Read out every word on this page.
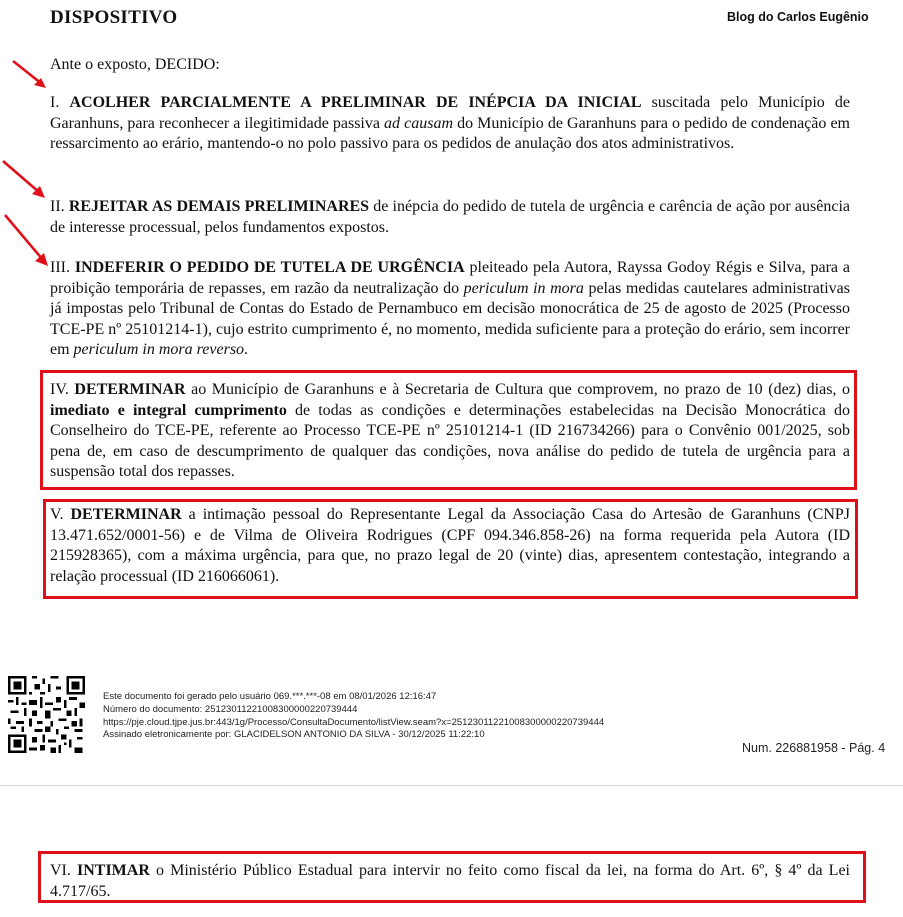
DISPOSITIVO	Blog do Carlos Eugênio
Ante o exposto, DECIDO:
I. ACOLHER PARCIALMENTE A PRELIMINAR DE INÉPCIA DA INICIAL suscitada pelo Município de Garanhuns, para reconhecer a ilegitimidade passiva ad causam do Município de Garanhuns para o pedido de condenação em ressarcimento ao erário, mantendo-o no polo passivo para os pedidos de anulação dos atos administrativos.
II. REJEITAR AS DEMAIS PRELIMINARES de inépcia do pedido de tutela de urgência e carência de ação por ausência de interesse processual, pelos fundamentos expostos.
III. INDEFERIR O PEDIDO DE TUTELA DE URGÊNCIA pleiteado pela Autora, Rayssa Godoy Régis e Silva, para a proibição temporária de repasses, em razão da neutralização do periculum in mora pelas medidas cautelares administrativas já impostas pelo Tribunal de Contas do Estado de Pernambuco em decisão monocrática de 25 de agosto de 2025 (Processo TCE-PE nº 25101214-1), cujo estrito cumprimento é, no momento, medida suficiente para a proteção do erário, sem incorrer em periculum in mora reverso.
IV. DETERMINAR ao Município de Garanhuns e à Secretaria de Cultura que comprovem, no prazo de 10 (dez) dias, o imediato e integral cumprimento de todas as condições e determinações estabelecidas na Decisão Monocrática do Conselheiro do TCE-PE, referente ao Processo TCE-PE nº 25101214-1 (ID 216734266) para o Convênio 001/2025, sob pena de, em caso de descumprimento de qualquer das condições, nova análise do pedido de tutela de urgência para a suspensão total dos repasses.
V. DETERMINAR a intimação pessoal do Representante Legal da Associação Casa do Artesão de Garanhuns (CNPJ 13.471.652/0001-56) e de Vilma de Oliveira Rodrigues (CPF 094.346.858-26) na forma requerida pela Autora (ID 215928365), com a máxima urgência, para que, no prazo legal de 20 (vinte) dias, apresentem contestação, integrando a relação processual (ID 216066061).
Este documento foi gerado pelo usuário 069.***.***-08 em 08/01/2026 12:16:47
Número do documento: 25123011221008300000220739444
https://pje.cloud.tjpe.jus.br:443/1g/Processo/ConsultaDocumento/listView.seam?x=25123011221008300000220739444
Assinado eletronicamente por: GLACIDELSON ANTONIO DA SILVA - 30/12/2025 11:22:10
Num. 226881958 - Pág. 4
VI. INTIMAR o Ministério Público Estadual para intervir no feito como fiscal da lei, na forma do Art. 6º, § 4º da Lei 4.717/65.
